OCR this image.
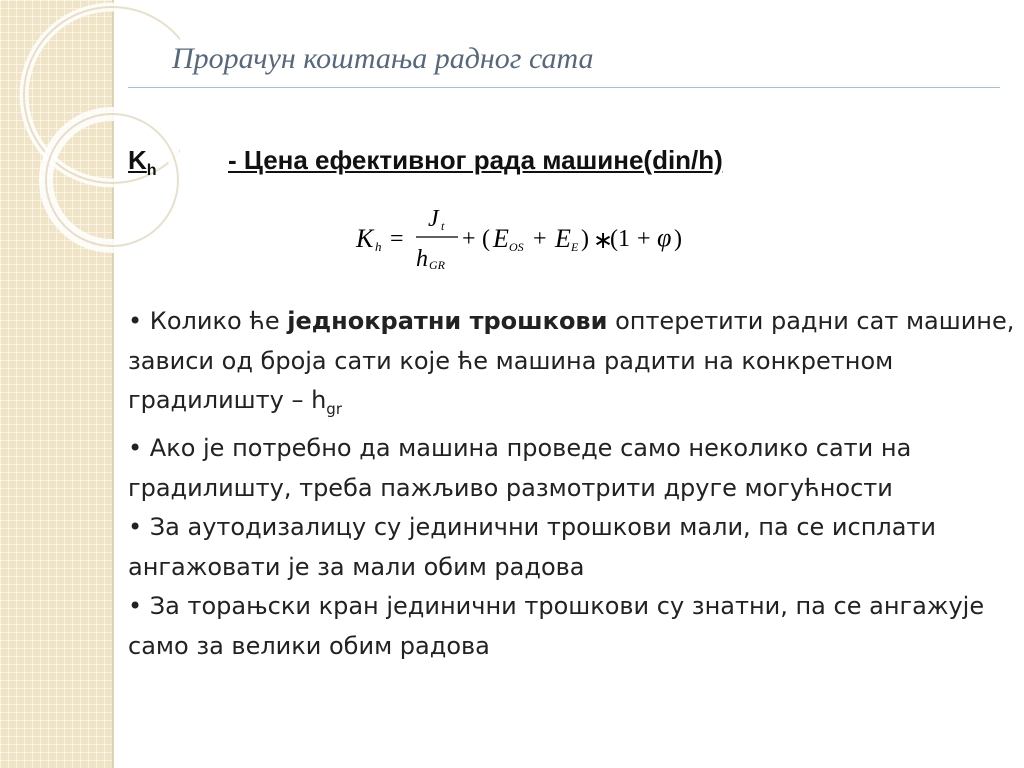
Прорачун коштања радног сата
$K_h$	- Цена ефективног рада машине(din/h)
K h =
J t
h GR
+ ( E OS + E E ) ∗
(1 + φ )

• Колико ће једнократни трошкови оптеретити радни сат машине, зависи од броја сати које ће машина радити на конкретном градилишту – $h_{gr}$

• Ако је потребно да машина проведе само неколико сати на градилишту, треба пажљиво размотрити друге могућности

• За аутодизалицу су јединични трошкови мали, па се исплати ангажовати је за мали обим радова

• За торањски кран јединични трошкови су знатни, па се ангажује само за велики обим радова
